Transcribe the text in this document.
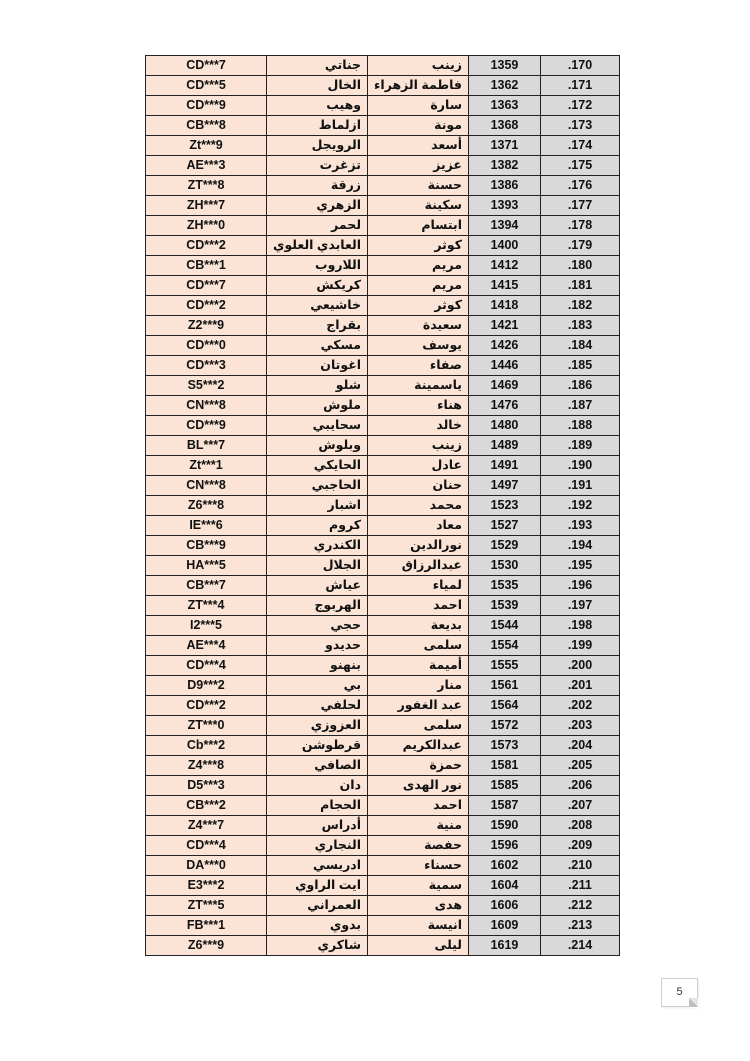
CD***7	جناتي	زينب	1359	.170
CD***5	الخال	فاطمة الزهراء	1362	.171
CD***9	وهيب	سارة	1363	.172
CB***8	ازلماط	مونة	1368	.173
Zt***9	الرويجل	أسعد	1371	.174
AE***3	تزغرت	عزيز	1382	.175
ZT***8	زرقة	حسنة	1386	.176
ZH***7	الزهري	سكينة	1393	.177
ZH***0	لحمر	ابتسام	1394	.178
CD***2	العابدي العلوي	كوثر	1400	.179
CB***1	اللاروب	مريم	1412	.180
CD***7	كريكش	مريم	1415	.181
CD***2	خاشيعي	كوثر	1418	.182
Z2***9	بقراج	سعيدة	1421	.183
CD***0	مسكي	يوسف	1426	.184
CD***3	اغوتان	صفاء	1446	.185
S5***2	شلو	ياسمينة	1469	.186
CN***8	ملوش	هناء	1476	.187
CD***9	سحايبي	خالد	1480	.188
BL***7	وبلوش	زينب	1489	.189
Zt***1	الحايكي	عادل	1491	.190
CN***8	الحاجبي	حنان	1497	.191
Z6***8	اشبار	محمد	1523	.192
IE***6	كروم	معاد	1527	.193
CB***9	الكندري	نورالدين	1529	.194
HA***5	الجلال	عبدالرزاق	1530	.195
CB***7	عياش	لمياء	1535	.196
ZT***4	الهربوج	احمد	1539	.197
I2***5	حجي	بديعة	1544	.198
AE***4	حديدو	سلمى	1554	.199
CD***4	بنهنو	أميمة	1555	.200
D9***2	بي	منار	1561	.201
CD***2	لحلفي	عبد الغفور	1564	.202
ZT***0	العزوزي	سلمى	1572	.203
Cb***2	قرطوشن	عبدالكريم	1573	.204
Z4***8	الصافي	حمزة	1581	.205
D5***3	دان	نور الهدى	1585	.206
CB***2	الحجام	احمد	1587	.207
Z4***7	أدراس	منية	1590	.208
CD***4	النجاري	حفصة	1596	.209
DA***0	ادريسي	حسناء	1602	.210
E3***2	ايت الراوي	سمية	1604	.211
ZT***5	العمراني	هدى	1606	.212
FB***1	بدوي	انيسة	1609	.213
Z6***9	شاكري	ليلى	1619	.214
5
